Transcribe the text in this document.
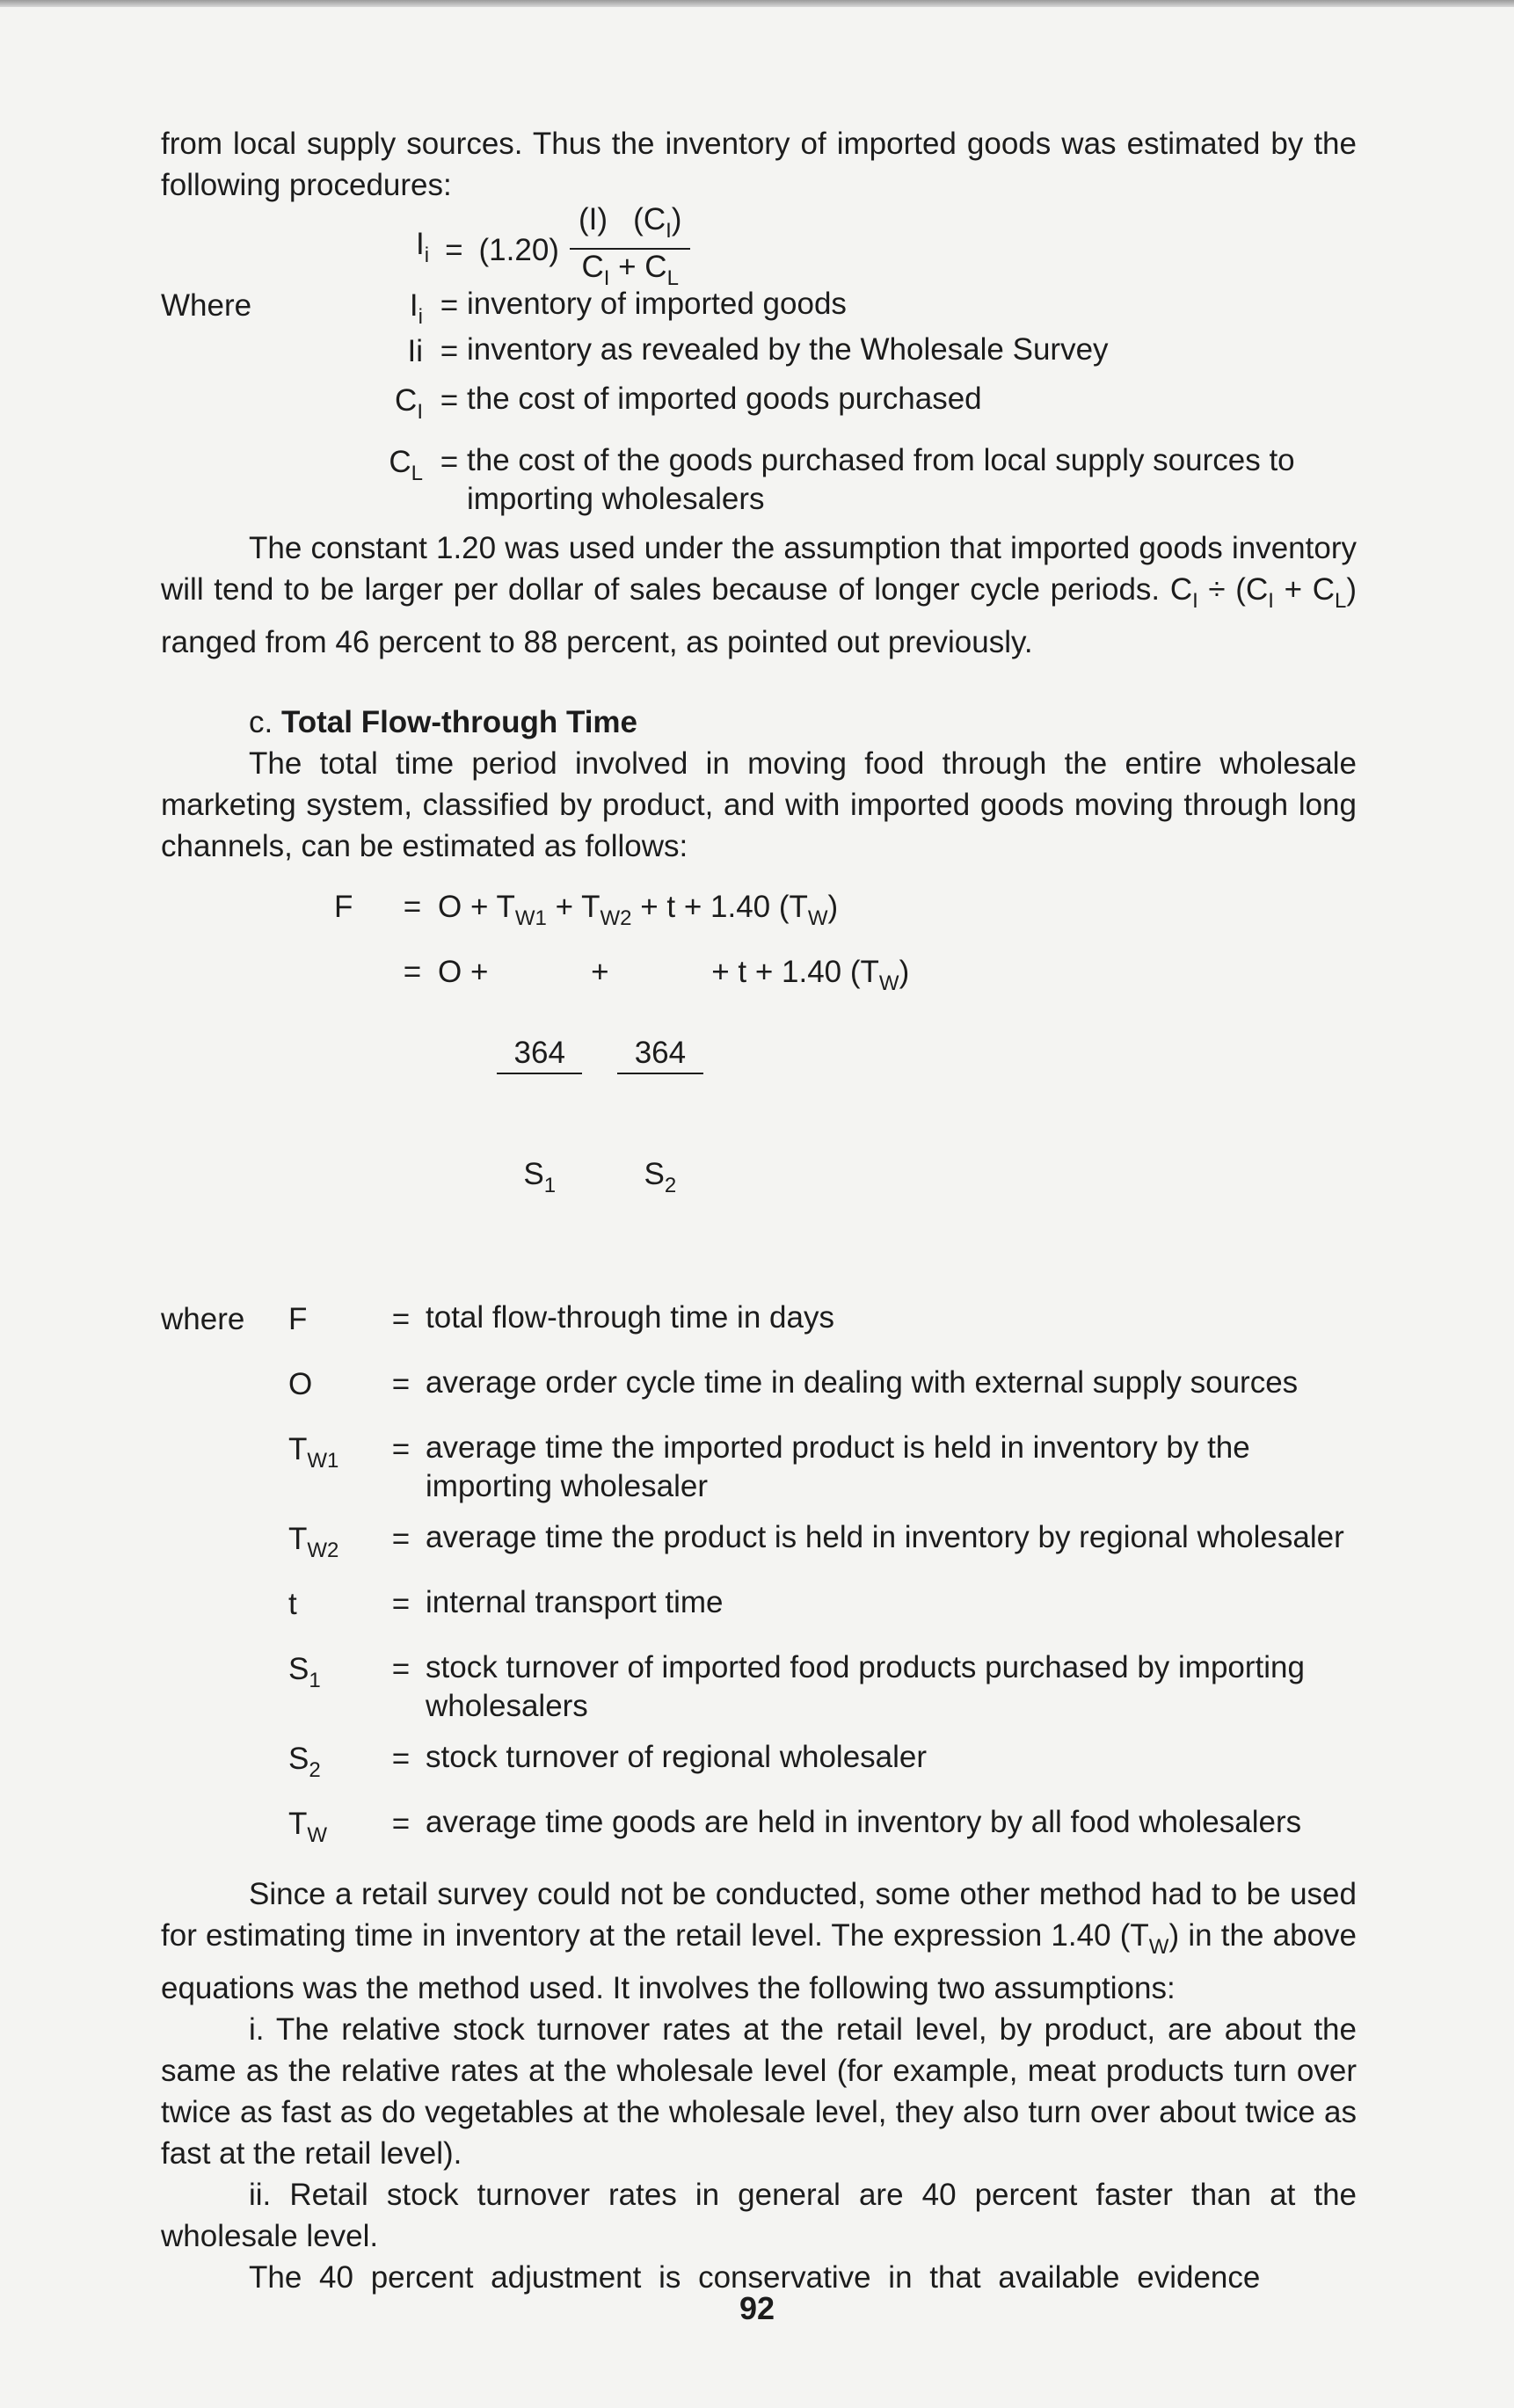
from local supply sources. Thus the inventory of imported goods was estimated by the following procedures:

$I_i = (1.20) \frac{(I) (C_I)}{C_I + C_L}$
Where	$I_i$ = inventory of imported goods
Ii = inventory as revealed by the Wholesale Survey
$C_I$ = the cost of imported goods purchased
$C_L$ = the cost of the goods purchased from local supply sources to importing wholesalers

The constant 1.20 was used under the assumption that imported goods inventory will tend to be larger per dollar of sales because of longer cycle periods. $C_I \div (C_I + C_L)$ ranged from 46 percent to 88 percent, as pointed out previously.

c. Total Flow-through Time

The total time period involved in moving food through the entire wholesale marketing system, classified by product, and with imported goods moving through long channels, can be estimated as follows:

F	= $O + T_{W1} + T_{W2} + t + 1.40$ $(T_W)$
= O +

$\frac{364}{S_1}$

+

$\frac{364}{S_2}$

+ t + 1.40 $(T_W)$
where	F	= total flow-through time in days
O	= average order cycle time in dealing with external supply sources
$T_{W1}$	= average time the imported product is held in inventory by the importing wholesaler
$T_{W2}$	= average time the product is held in inventory by regional wholesaler
t	= internal transport time
$S_1$	= stock turnover of imported food products purchased by importing wholesalers
$S_2$	= stock turnover of regional wholesaler
$T_W$	= average time goods are held in inventory by all food wholesalers

Since a retail survey could not be conducted, some other method had to be used for estimating time in inventory at the retail level. The expression 1.40 $(T_W)$ in the above equations was the method used. It involves the following two assumptions:

i. The relative stock turnover rates at the retail level, by product, are about the same as the relative rates at the wholesale level (for example, meat products turn over twice as fast as do vegetables at the wholesale level, they also turn over about twice as fast at the retail level).

ii. Retail stock turnover rates in general are 40 percent faster than at the wholesale level.

The 40 percent adjustment is conservative in that available evidence

92
